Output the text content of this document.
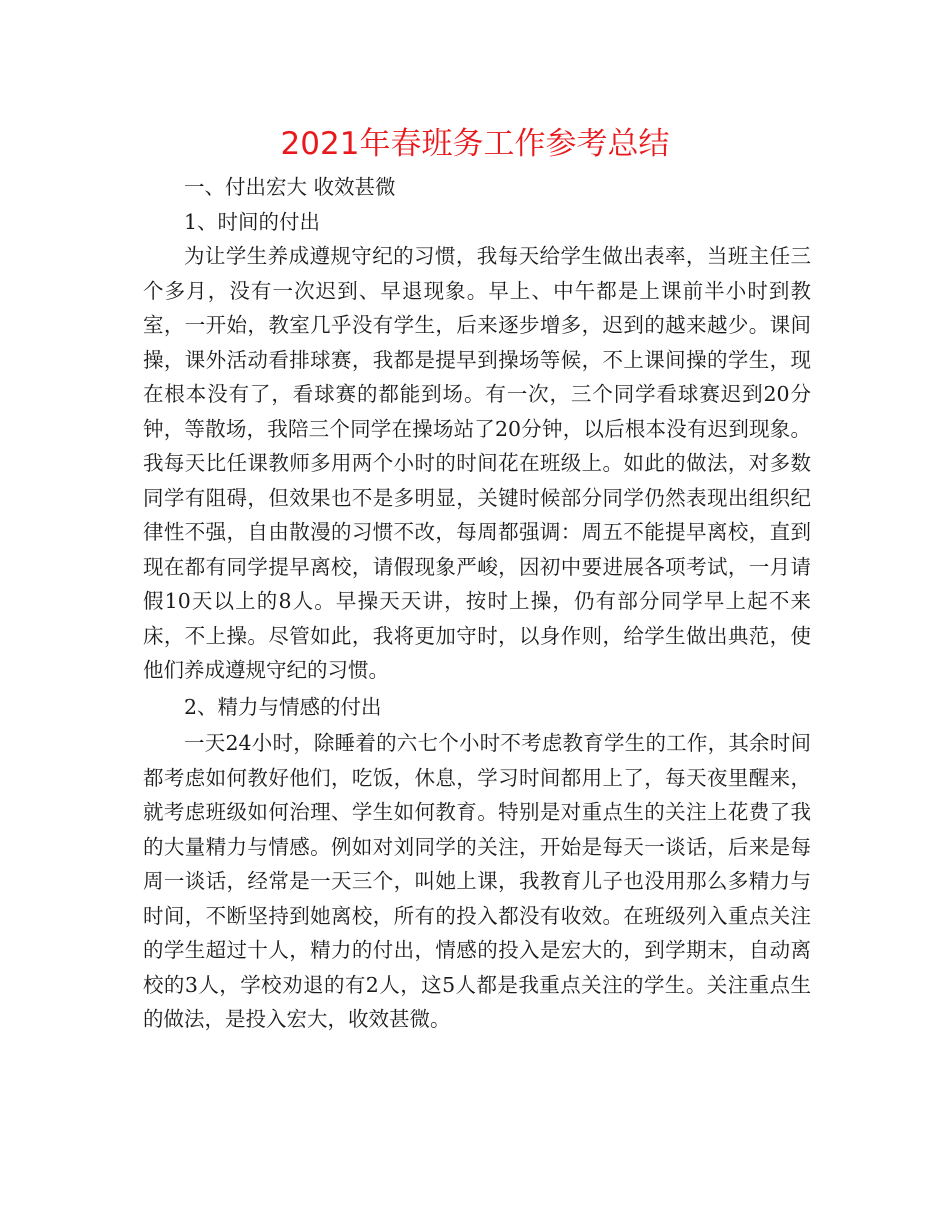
2021年春班务工作参考总结

一、付出宏大 收效甚微

1、时间的付出

为让学生养成遵规守纪的习惯，我每天给学生做出表率，当班主任三个多月，没有一次迟到、早退现象。早上、中午都是上课前半小时到教室，一开始，教室几乎没有学生，后来逐步增多，迟到的越来越少。课间操，课外活动看排球赛，我都是提早到操场等候，不上课间操的学生，现在根本没有了，看球赛的都能到场。有一次，三个同学看球赛迟到20分钟，等散场，我陪三个同学在操场站了20分钟，以后根本没有迟到现象。我每天比任课教师多用两个小时的时间花在班级上。如此的做法，对多数同学有阻碍，但效果也不是多明显，关键时候部分同学仍然表现出组织纪律性不强，自由散漫的习惯不改，每周都强调：周五不能提早离校，直到现在都有同学提早离校，请假现象严峻，因初中要进展各项考试，一月请假10天以上的8人。早操天天讲，按时上操，仍有部分同学早上起不来床，不上操。尽管如此，我将更加守时，以身作则，给学生做出典范，使他们养成遵规守纪的习惯。

2、精力与情感的付出

一天24小时，除睡着的六七个小时不考虑教育学生的工作，其余时间都考虑如何教好他们，吃饭，休息，学习时间都用上了，每天夜里醒来，就考虑班级如何治理、学生如何教育。特别是对重点生的关注上花费了我的大量精力与情感。例如对刘同学的关注，开始是每天一谈话，后来是每周一谈话，经常是一天三个，叫她上课，我教育儿子也没用那么多精力与时间，不断坚持到她离校，所有的投入都没有收效。在班级列入重点关注的学生超过十人，精力的付出，情感的投入是宏大的，到学期末，自动离校的3人，学校劝退的有2人，这5人都是我重点关注的学生。关注重点生的做法，是投入宏大，收效甚微。
